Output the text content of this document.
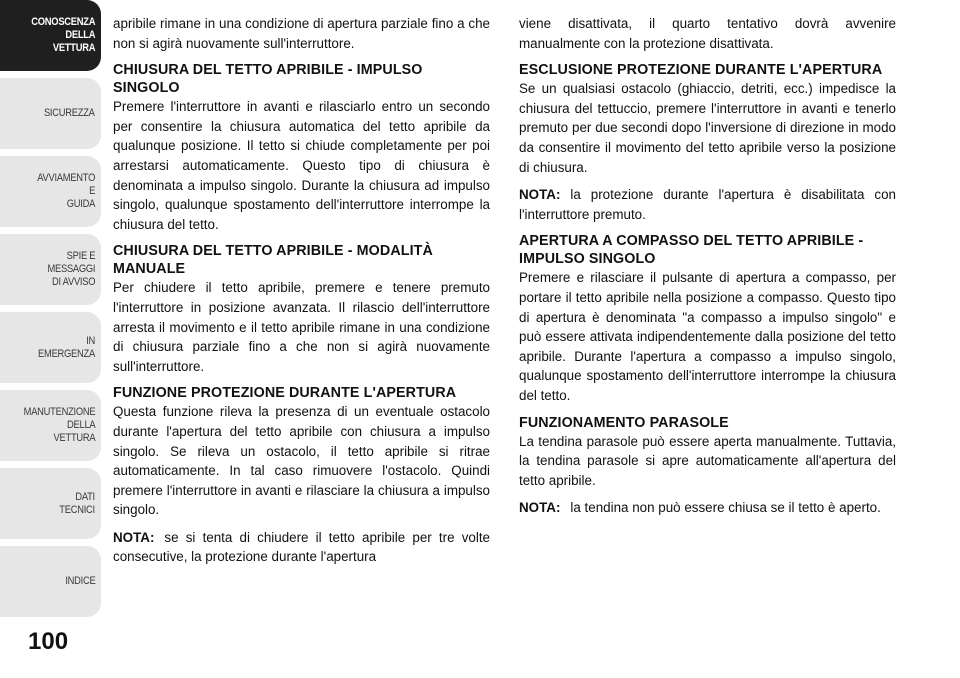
CONOSCENZA
DELLA
VETTURA
SICUREZZA
AVVIAMENTO
E
GUIDA
SPIE E
MESSAGGI
DI AVVISO
IN
EMERGENZA
MANUTENZIONE
DELLA
VETTURA
DATI
TECNICI
INDICE
100

apribile rimane in una condizione di apertura parziale fino a che non si agirà nuovamente sull'interruttore.

CHIUSURA DEL TETTO APRIBILE - IMPULSO SINGOLO

Premere l'interruttore in avanti e rilasciarlo entro un secondo per consentire la chiusura automatica del tetto apribile da qualunque posizione. Il tetto si chiude completamente per poi arrestarsi automaticamente. Questo tipo di chiusura è denominata a impulso singolo. Durante la chiusura ad impulso singolo, qualunque spostamento dell'interruttore interrompe la chiusura del tetto.

CHIUSURA DEL TETTO APRIBILE - MODALITÀ MANUALE

Per chiudere il tetto apribile, premere e tenere premuto l'interruttore in posizione avanzata. Il rilascio dell'interruttore arresta il movimento e il tetto apribile rimane in una condizione di chiusura parziale fino a che non si agirà nuovamente sull'interruttore.

FUNZIONE PROTEZIONE DURANTE L'APERTURA

Questa funzione rileva la presenza di un eventuale ostacolo durante l'apertura del tetto apribile con chiusura a impulso singolo. Se rileva un ostacolo, il tetto apribile si ritrae automaticamente. In tal caso rimuovere l'ostacolo. Quindi premere l'interruttore in avanti e rilasciare la chiusura a impulso singolo.

NOTA: se si tenta di chiudere il tetto apribile per tre volte consecutive, la protezione durante l'apertura

viene disattivata, il quarto tentativo dovrà avvenire manualmente con la protezione disattivata.

ESCLUSIONE PROTEZIONE DURANTE L'APERTURA

Se un qualsiasi ostacolo (ghiaccio, detriti, ecc.) impedisce la chiusura del tettuccio, premere l'interruttore in avanti e tenerlo premuto per due secondi dopo l'inversione di direzione in modo da consentire il movimento del tetto apribile verso la posizione di chiusura.

NOTA: la protezione durante l'apertura è disabilitata con l'interruttore premuto.

APERTURA A COMPASSO DEL TETTO APRIBILE - IMPULSO SINGOLO

Premere e rilasciare il pulsante di apertura a compasso, per portare il tetto apribile nella posizione a compasso. Questo tipo di apertura è denominata "a compasso a impulso singolo" e può essere attivata indipendentemente dalla posizione del tetto apribile. Durante l'apertura a compasso a impulso singolo, qualunque spostamento dell'interruttore interrompe la chiusura del tetto.

FUNZIONAMENTO PARASOLE

La tendina parasole può essere aperta manualmente. Tuttavia, la tendina parasole si apre automaticamente all'apertura del tetto apribile.

NOTA: la tendina non può essere chiusa se il tetto è aperto.
